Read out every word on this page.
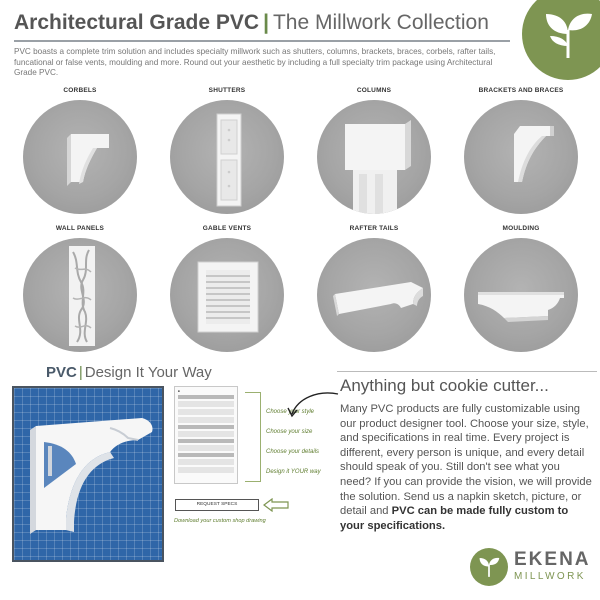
Architectural Grade PVC | The Millwork Collection

PVC boasts a complete trim solution and includes specialty millwork such as shutters, columns, brackets, braces, corbels, rafter tails, funcational or false vents, moulding and more. Round out your aesthetic by including a full specialty trim package using Architectural Grade PVC.

CORBELS	SHUTTERS	COLUMNS	BRACKETS AND BRACES
WALL PANELS	GABLE VENTS	RAFTER TAILS	MOULDING
PVC | Design It Your Way
■
Choose your style
Choose your size
Choose your details
Design it YOUR way
REQUEST SPECS
Download your custom shop drawing
Anything but cookie cutter...

Many PVC products are fully customizable using our product designer tool. Choose your size, style, and specifications in real time. Every project is different, every person is unique, and every detail should speak of you. Still don't see what you need? If you can provide the vision, we will provide the solution. Send us a napkin sketch, picture, or detail and PVC can be made fully custom to your specifications.

EKENA
MILLWORK
